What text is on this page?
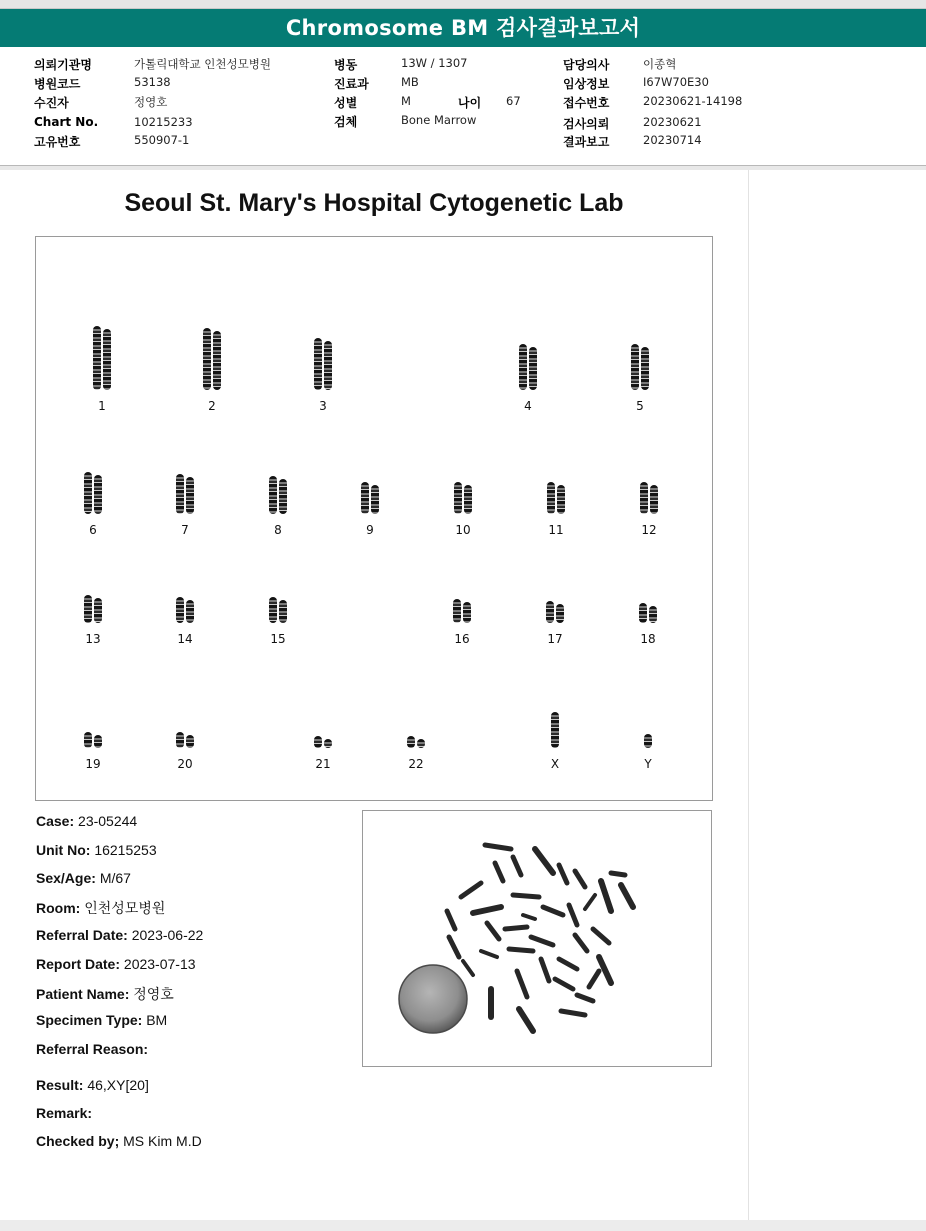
Chromosome BM 검사결과보고서
의뢰기관명	가톨릭대학교 인천성모병원
병원코드	53138
수진자	정영호
Chart No.	10215233
고유번호	550907-1
병동	13W / 1307
진료과	MB
성별	M	나이 67
검체	Bone Marrow
담당의사	이종혁
임상정보	I67W70E30
접수번호	20230621-14198
검사의뢰	20230621
결과보고	20230714
Seoul St. Mary's Hospital Cytogenetic Lab
1	2	3	4	5
6	7	8	9	10	11	12
13	14	15	16	17	18
19	20	21	22	X	Y
Case: 23-05244
Unit No: 16215253
Sex/Age: M/67
Room: 인천성모병원
Referral Date: 2023-06-22
Report Date: 2023-07-13
Patient Name: 정영호
Specimen Type: BM
Referral Reason:
Result: 46,XY[20]
Remark:
Checked by; MS Kim M.D
